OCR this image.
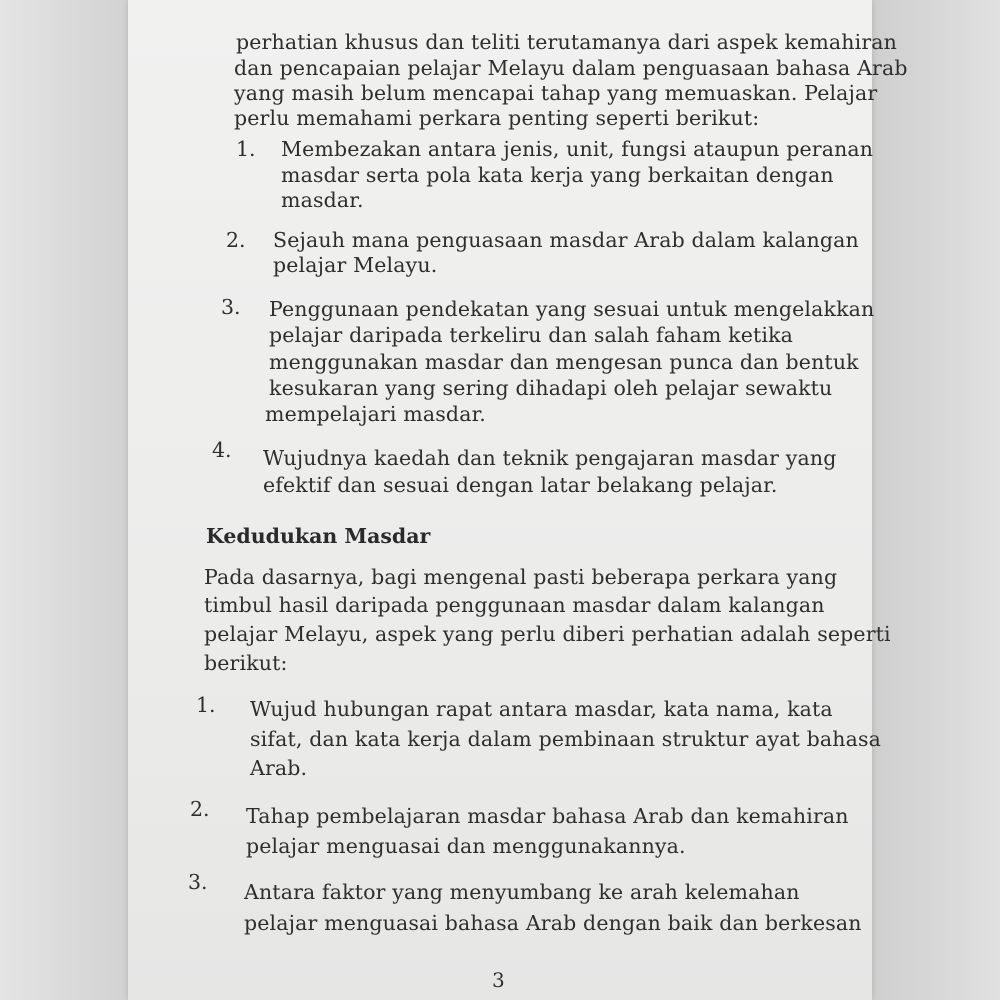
perhatian khusus dan teliti terutamanya dari aspek kemahiran
dan pencapaian pelajar Melayu dalam penguasaan bahasa Arab
yang masih belum mencapai tahap yang memuaskan. Pelajar
perlu memahami perkara penting seperti berikut:
1. Membezakan antara jenis, unit, fungsi ataupun peranan
masdar serta pola kata kerja yang berkaitan dengan
masdar.
2. Sejauh mana penguasaan masdar Arab dalam kalangan
pelajar Melayu.
3. Penggunaan pendekatan yang sesuai untuk mengelakkan
pelajar daripada terkeliru dan salah faham ketika
menggunakan masdar dan mengesan punca dan bentuk
kesukaran yang sering dihadapi oleh pelajar sewaktu
mempelajari masdar.
4. Wujudnya kaedah dan teknik pengajaran masdar yang
efektif dan sesuai dengan latar belakang pelajar.
Kedudukan Masdar
Pada dasarnya, bagi mengenal pasti beberapa perkara yang
timbul hasil daripada penggunaan masdar dalam kalangan
pelajar Melayu, aspek yang perlu diberi perhatian adalah seperti
berikut:
1. Wujud hubungan rapat antara masdar, kata nama, kata
sifat, dan kata kerja dalam pembinaan struktur ayat bahasa
Arab.
2. Tahap pembelajaran masdar bahasa Arab dan kemahiran
pelajar menguasai dan menggunakannya.
3. Antara faktor yang menyumbang ke arah kelemahan
pelajar menguasai bahasa Arab dengan baik dan berkesan
3
